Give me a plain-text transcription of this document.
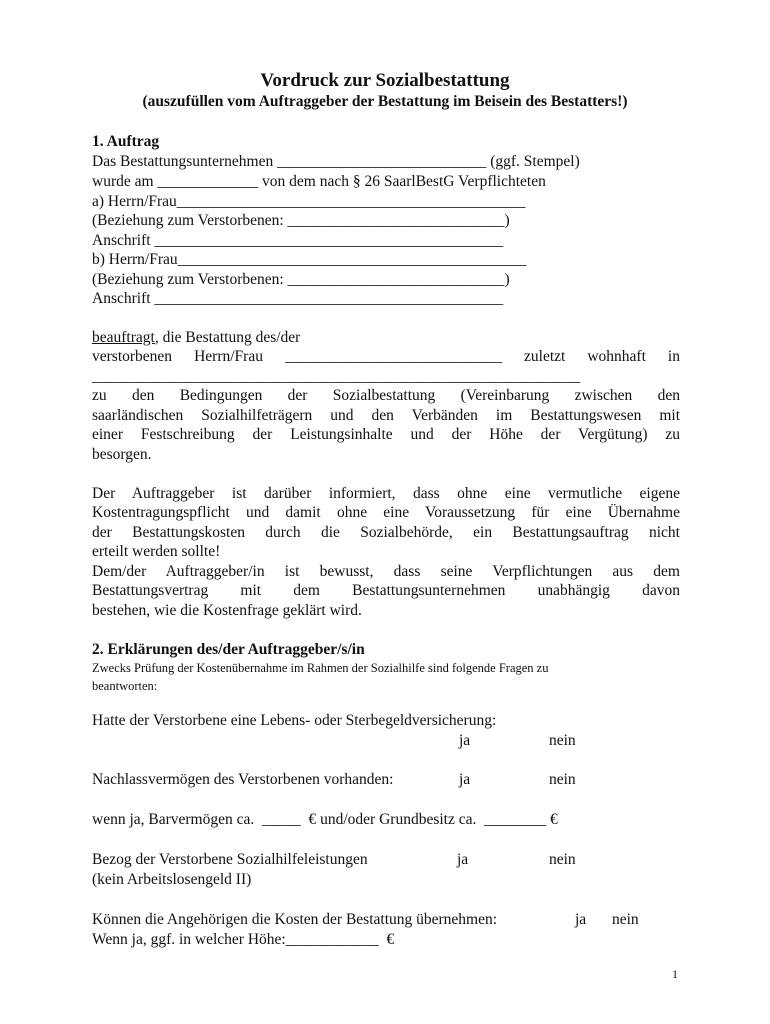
Vordruck zur Sozialbestattung
(auszufüllen vom Auftraggeber der Bestattung im Beisein des Bestatters!)
1. Auftrag
Das Bestattungsunternehmen ___________________________ (ggf. Stempel)
wurde am _____________ von dem nach § 26 SaarlBestG Verpflichteten
a) Herrn/Frau_____________________________________________
(Beziehung zum Verstorbenen: ____________________________)
Anschrift _____________________________________________
b) Herrn/Frau_____________________________________________
(Beziehung zum Verstorbenen: ____________________________)
Anschrift _____________________________________________
beauftragt, die Bestattung des/der
verstorbenen Herrn/Frau ____________________________ zuletzt wohnhaft in
_______________________________________________________________
zu den Bedingungen der Sozialbestattung (Vereinbarung zwischen den
saarländischen Sozialhilfeträgern und den Verbänden im Bestattungswesen mit
einer Festschreibung der Leistungsinhalte und der Höhe der Vergütung) zu
besorgen.
Der Auftraggeber ist darüber informiert, dass ohne eine vermutliche eigene
Kostentragungspflicht und damit ohne eine Voraussetzung für eine Übernahme
der Bestattungskosten durch die Sozialbehörde, ein Bestattungsauftrag nicht
erteilt werden sollte!
Dem/der Auftraggeber/in ist bewusst, dass seine Verpflichtungen aus dem
Bestattungsvertrag mit dem Bestattungsunternehmen unabhängig davon
bestehen, wie die Kostenfrage geklärt wird.
2. Erklärungen des/der Auftraggeber/s/in
Zwecks Prüfung der Kostenübernahme im Rahmen der Sozialhilfe sind folgende Fragen zu
beantworten:
Hatte der Verstorbene eine Lebens- oder Sterbegeldversicherung:
ja	nein
Nachlassvermögen des Verstorbenen vorhanden:	ja	nein
wenn ja, Barvermögen ca.  _____  € und/oder Grundbesitz ca.  ________ €
Bezog der Verstorbene Sozialhilfeleistungen	ja	nein
(kein Arbeitslosengeld II)
Können die Angehörigen die Kosten der Bestattung übernehmen:	ja nein
Wenn ja, ggf. in welcher Höhe:____________  €
1
